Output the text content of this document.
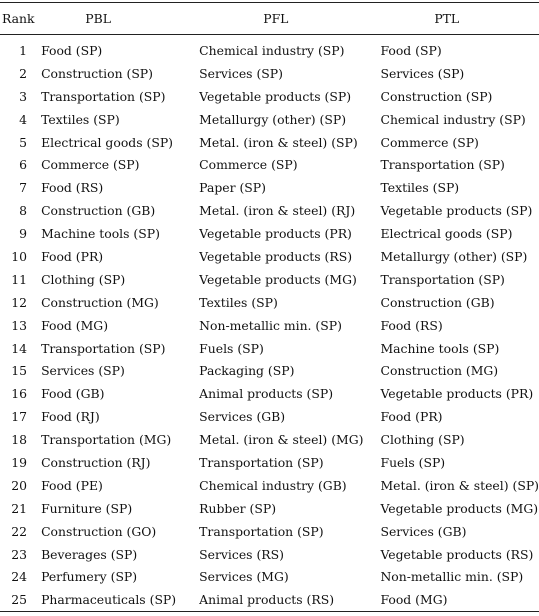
Rank	PBL	PFL	PTL
1	Food (SP)	Chemical industry (SP)	Food (SP)
2	Construction (SP)	Services (SP)	Services (SP)
3	Transportation (SP)	Vegetable products (SP)	Construction (SP)
4	Textiles (SP)	Metallurgy (other) (SP)	Chemical industry (SP)
5	Electrical goods (SP)	Metal. (iron & steel) (SP)	Commerce (SP)
6	Commerce (SP)	Commerce (SP)	Transportation (SP)
7	Food (RS)	Paper (SP)	Textiles (SP)
8	Construction (GB)	Metal. (iron & steel) (RJ)	Vegetable products (SP)
9	Machine tools (SP)	Vegetable products (PR)	Electrical goods (SP)
10	Food (PR)	Vegetable products (RS)	Metallurgy (other) (SP)
11	Clothing (SP)	Vegetable products (MG)	Transportation (SP)
12	Construction (MG)	Textiles (SP)	Construction (GB)
13	Food (MG)	Non-metallic min. (SP)	Food (RS)
14	Transportation (SP)	Fuels (SP)	Machine tools (SP)
15	Services (SP)	Packaging (SP)	Construction (MG)
16	Food (GB)	Animal products (SP)	Vegetable products (PR)
17	Food (RJ)	Services (GB)	Food (PR)
18	Transportation (MG)	Metal. (iron & steel) (MG)	Clothing (SP)
19	Construction (RJ)	Transportation (SP)	Fuels (SP)
20	Food (PE)	Chemical industry (GB)	Metal. (iron & steel) (SP)
21	Furniture (SP)	Rubber (SP)	Vegetable products (MG)
22	Construction (GO)	Transportation (SP)	Services (GB)
23	Beverages (SP)	Services (RS)	Vegetable products (RS)
24	Perfumery (SP)	Services (MG)	Non-metallic min. (SP)
25	Pharmaceuticals (SP)	Animal products (RS)	Food (MG)
